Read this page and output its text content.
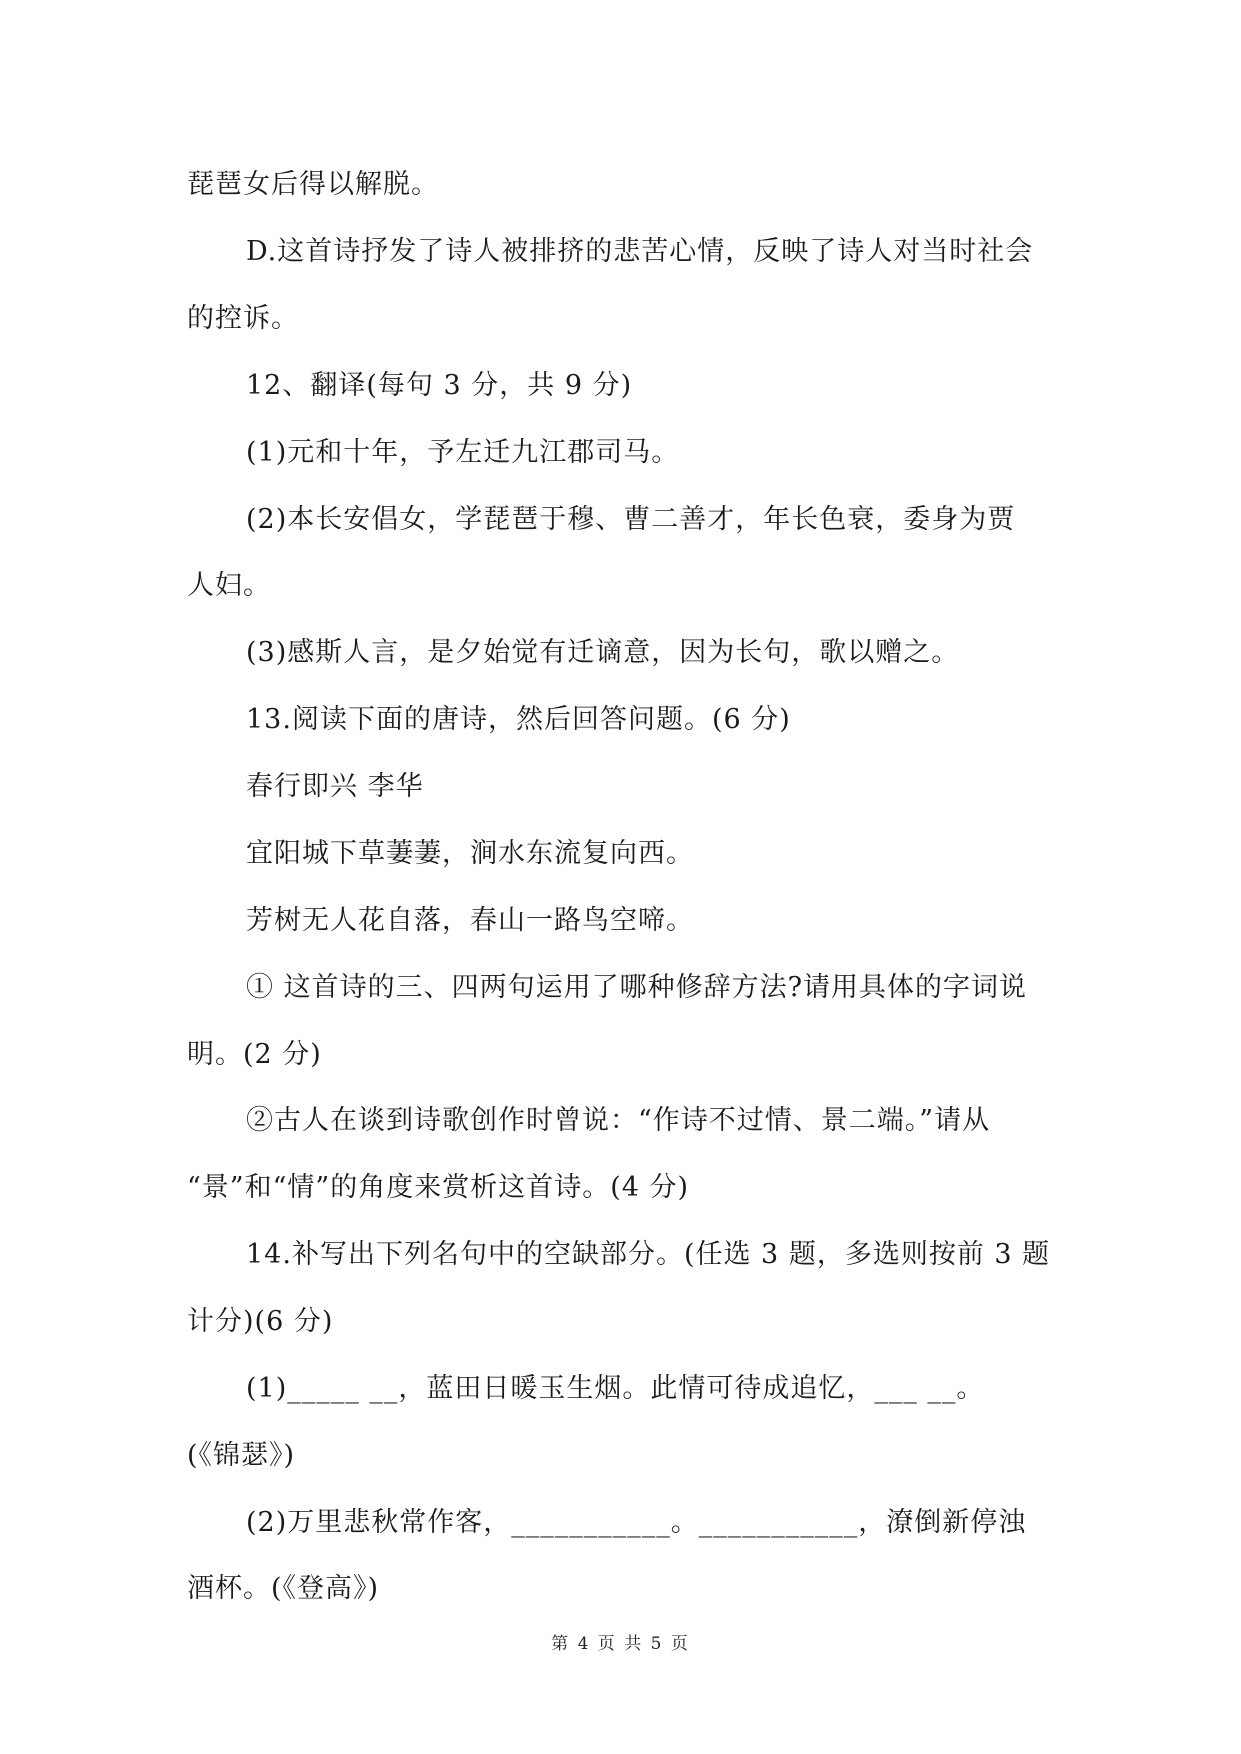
琵琶女后得以解脱。
D.这首诗抒发了诗人被排挤的悲苦心情，反映了诗人对当时社会
的控诉。
12、翻译(每句 3 分，共 9 分)
(1)元和十年，予左迁九江郡司马。
(2)本长安倡女，学琵琶于穆、曹二善才，年长色衰，委身为贾
人妇。
(3)感斯人言，是夕始觉有迁谪意，因为长句，歌以赠之。
13.阅读下面的唐诗，然后回答问题。(6 分)
春行即兴 李华
宜阳城下草萋萋，涧水东流复向西。
芳树无人花自落，春山一路鸟空啼。
① 这首诗的三、四两句运用了哪种修辞方法?请用具体的字词说
明。(2 分)
②古人在谈到诗歌创作时曾说：“作诗不过情、景二端。”请从
“景”和“情”的角度来赏析这首诗。(4 分)
14.补写出下列名句中的空缺部分。(任选 3 题，多选则按前 3 题
计分)(6 分)
(1)_____ __，蓝田日暖玉生烟。此情可待成追忆，___ __。
(《锦瑟》)
(2)万里悲秋常作客，___________。___________，潦倒新停浊
酒杯。(《登高》)
第 4 页 共 5 页
